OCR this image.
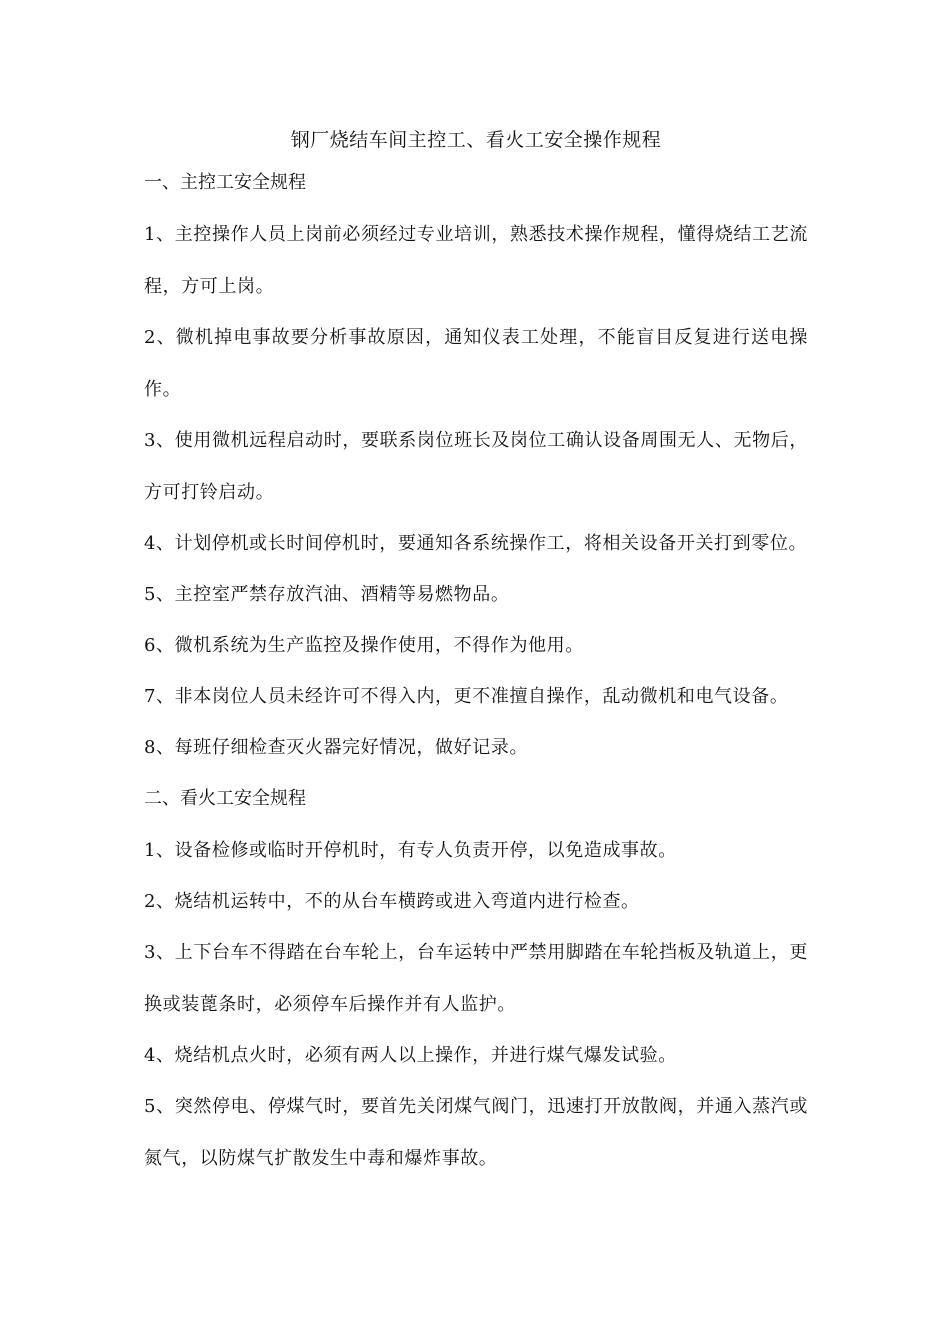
钢厂烧结车间主控工、看火工安全操作规程
一、主控工安全规程
1、主控操作人员上岗前必须经过专业培训，熟悉技术操作规程，懂得烧结工艺流程，方可上岗。
2、微机掉电事故要分析事故原因，通知仪表工处理，不能盲目反复进行送电操作。
3、使用微机远程启动时，要联系岗位班长及岗位工确认设备周围无人、无物后，方可打铃启动。
4、计划停机或长时间停机时，要通知各系统操作工，将相关设备开关打到零位。
5、主控室严禁存放汽油、酒精等易燃物品。
6、微机系统为生产监控及操作使用，不得作为他用。
7、非本岗位人员未经许可不得入内，更不准擅自操作，乱动微机和电气设备。
8、每班仔细检查灭火器完好情况，做好记录。
二、看火工安全规程
1、设备检修或临时开停机时，有专人负责开停，以免造成事故。
2、烧结机运转中，不的从台车横跨或进入弯道内进行检查。
3、上下台车不得踏在台车轮上，台车运转中严禁用脚踏在车轮挡板及轨道上，更换或装蓖条时，必须停车后操作并有人监护。
4、烧结机点火时，必须有两人以上操作，并进行煤气爆发试验。
5、突然停电、停煤气时，要首先关闭煤气阀门，迅速打开放散阀，并通入蒸汽或氮气，以防煤气扩散发生中毒和爆炸事故。
